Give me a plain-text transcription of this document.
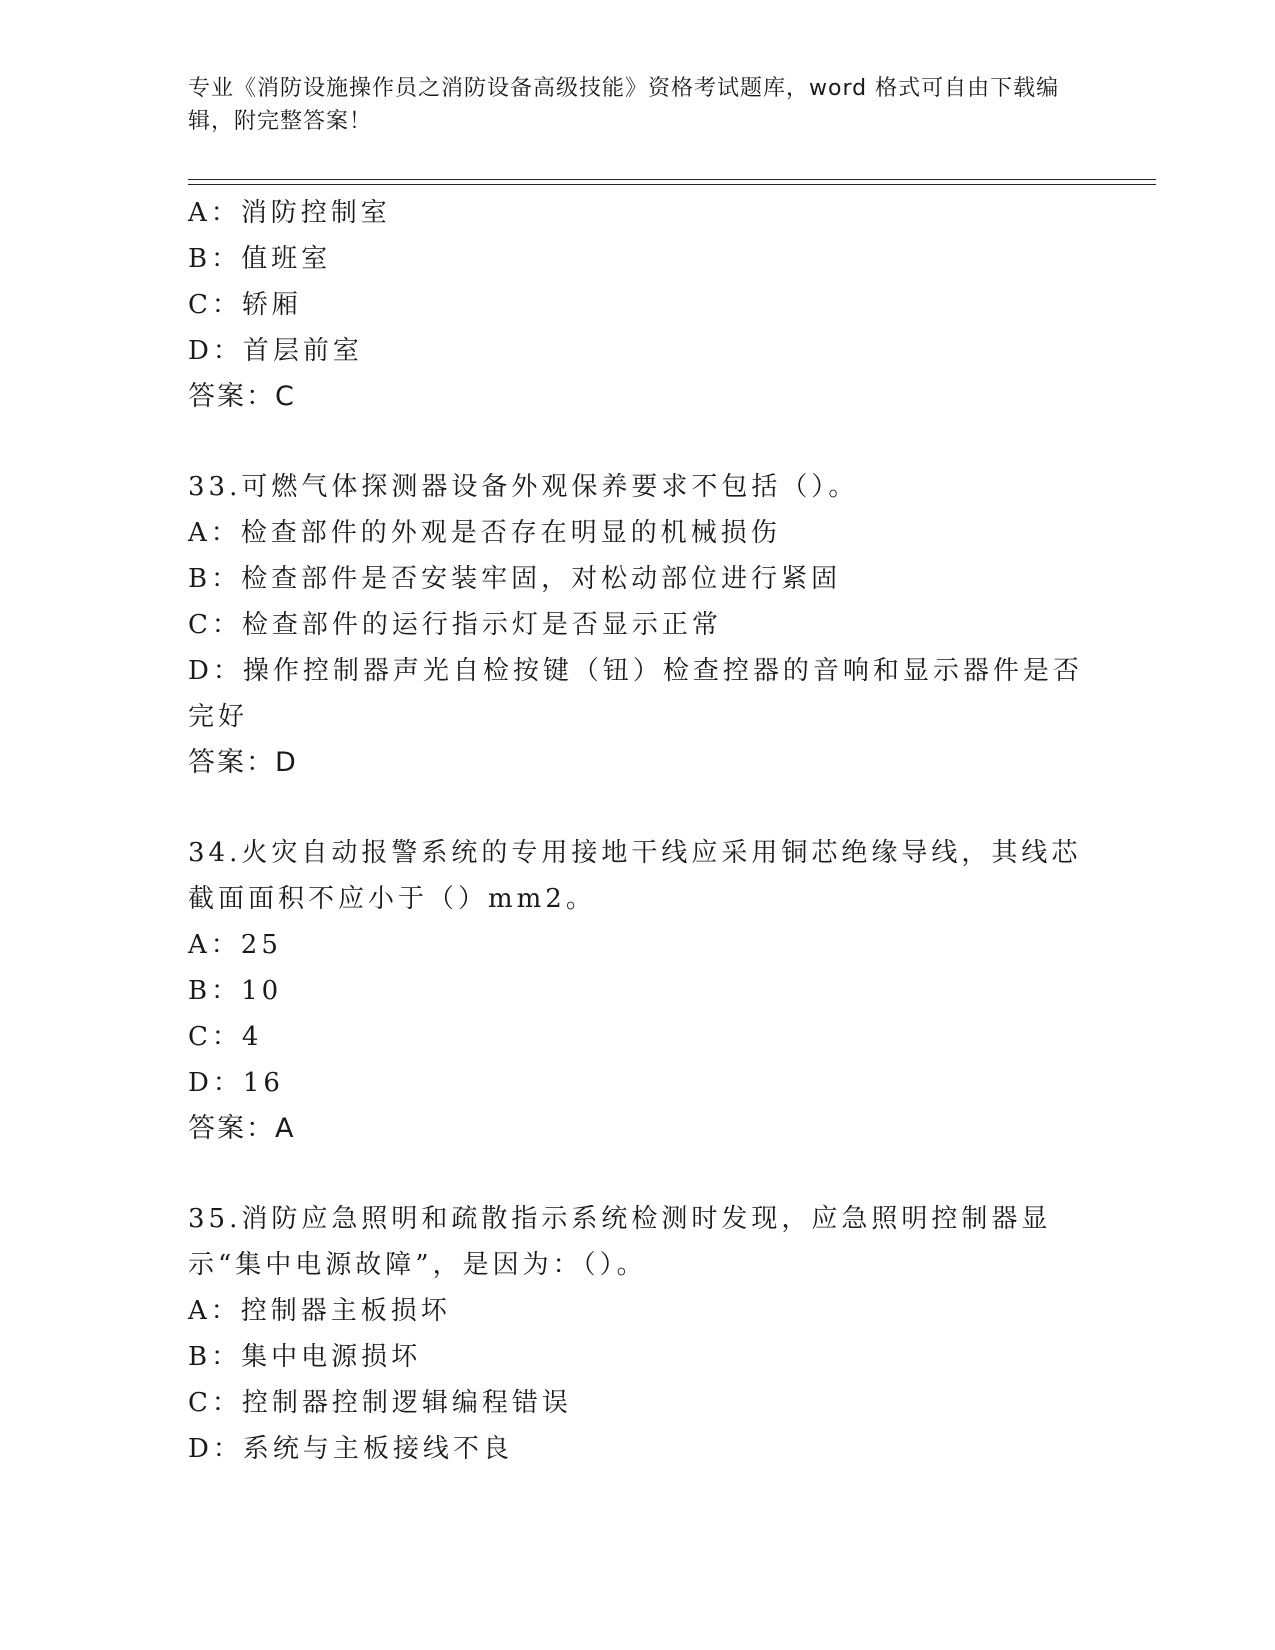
专业《消防设施操作员之消防设备高级技能》资格考试题库，word 格式可自由下载编辑，附完整答案！
A：消防控制室
B：值班室
C：轿厢
D：首层前室
答案：C
33.可燃气体探测器设备外观保养要求不包括（）。
A：检查部件的外观是否存在明显的机械损伤
B：检查部件是否安装牢固，对松动部位进行紧固
C：检查部件的运行指示灯是否显示正常
D：操作控制器声光自检按键（钮）检查控器的音响和显示器件是否完好
答案：D
34.火灾自动报警系统的专用接地干线应采用铜芯绝缘导线，其线芯截面面积不应小于（）mm2。
A：25
B：10
C：4
D：16
答案：A
35.消防应急照明和疏散指示系统检测时发现，应急照明控制器显示“集中电源故障”，是因为：（）。
A：控制器主板损坏
B：集中电源损坏
C：控制器控制逻辑编程错误
D：系统与主板接线不良
